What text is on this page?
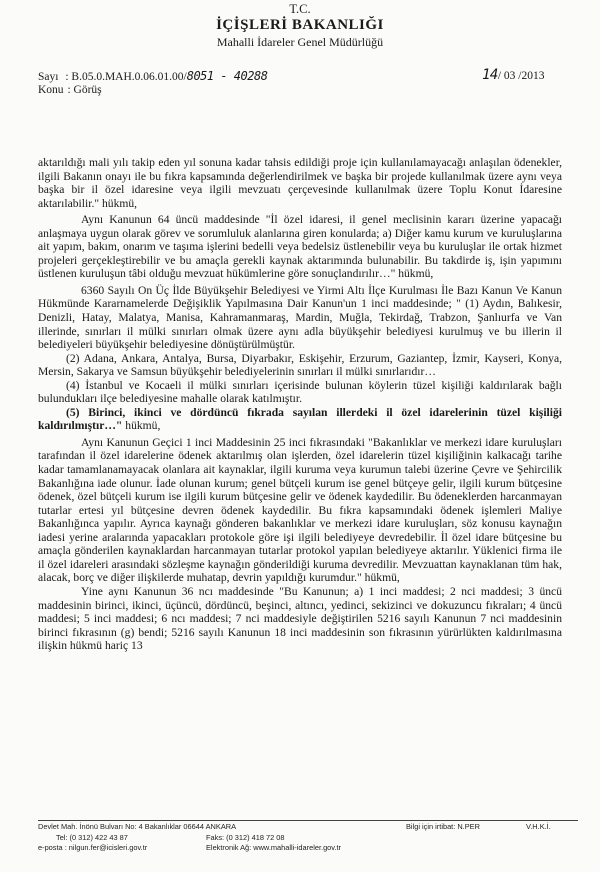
T.C.
İÇİŞLERİ BAKANLIĞI
Mahalli İdareler Genel Müdürlüğü
Sayı : B.05.0.MAH.0.06.01.00/8051 - 40288
Konu : Görüş
14/ 03 /2013

aktarıldığı mali yılı takip eden yıl sonuna kadar tahsis edildiği proje için kullanılamayacağı anlaşılan ödenekler, ilgili Bakanın onayı ile bu fıkra kapsamında değerlendirilmek ve başka bir projede kullanılmak üzere aynı veya başka bir il özel idaresine veya ilgili mevzuatı çerçevesinde kullanılmak üzere Toplu Konut İdaresine aktarılabilir." hükmü,

Aynı Kanunun 64 üncü maddesinde "İl özel idaresi, il genel meclisinin kararı üzerine yapacağı anlaşmaya uygun olarak görev ve sorumluluk alanlarına giren konularda; a) Diğer kamu kurum ve kuruluşlarına ait yapım, bakım, onarım ve taşıma işlerini bedelli veya bedelsiz üstlenebilir veya bu kuruluşlar ile ortak hizmet projeleri gerçekleştirebilir ve bu amaçla gerekli kaynak aktarımında bulunabilir. Bu takdirde iş, işin yapımını üstlenen kuruluşun tâbi olduğu mevzuat hükümlerine göre sonuçlandırılır…" hükmü,

6360 Sayılı On Üç İlde Büyükşehir Belediyesi ve Yirmi Altı İlçe Kurulması İle Bazı Kanun Ve Kanun Hükmünde Kararnamelerde Değişiklik Yapılmasına Dair Kanun'un 1 inci maddesinde; " (1) Aydın, Balıkesir, Denizli, Hatay, Malatya, Manisa, Kahramanmaraş, Mardin, Muğla, Tekirdağ, Trabzon, Şanlıurfa ve Van illerinde, sınırları il mülki sınırları olmak üzere aynı adla büyükşehir belediyesi kurulmuş ve bu illerin il belediyeleri büyükşehir belediyesine dönüştürülmüştür.

(2) Adana, Ankara, Antalya, Bursa, Diyarbakır, Eskişehir, Erzurum, Gaziantep, İzmir, Kayseri, Konya, Mersin, Sakarya ve Samsun büyükşehir belediyelerinin sınırları il mülki sınırlarıdır…

(4) İstanbul ve Kocaeli il mülki sınırları içerisinde bulunan köylerin tüzel kişiliği kaldırılarak bağlı bulundukları ilçe belediyesine mahalle olarak katılmıştır.

(5) Birinci, ikinci ve dördüncü fıkrada sayılan illerdeki il özel idarelerinin tüzel kişiliği kaldırılmıştır…" hükmü,

Aynı Kanunun Geçici 1 inci Maddesinin 25 inci fıkrasındaki "Bakanlıklar ve merkezi idare kuruluşları tarafından il özel idarelerine ödenek aktarılmış olan işlerden, özel idarelerin tüzel kişiliğinin kalkacağı tarihe kadar tamamlanamayacak olanlara ait kaynaklar, ilgili kuruma veya kurumun talebi üzerine Çevre ve Şehircilik Bakanlığına iade olunur. İade olunan kurum; genel bütçeli kurum ise genel bütçeye gelir, ilgili kurum bütçesine ödenek, özel bütçeli kurum ise ilgili kurum bütçesine gelir ve ödenek kaydedilir. Bu ödeneklerden harcanmayan tutarlar ertesi yıl bütçesine devren ödenek kaydedilir. Bu fıkra kapsamındaki ödenek işlemleri Maliye Bakanlığınca yapılır. Ayrıca kaynağı gönderen bakanlıklar ve merkezi idare kuruluşları, söz konusu kaynağın iadesi yerine aralarında yapacakları protokole göre işi ilgili belediyeye devredebilir. İl özel idare bütçesine bu amaçla gönderilen kaynaklardan harcanmayan tutarlar protokol yapılan belediyeye aktarılır. Yüklenici firma ile il özel idareleri arasındaki sözleşme kaynağın gönderildiği kuruma devredilir. Mevzuattan kaynaklanan tüm hak, alacak, borç ve diğer ilişkilerde muhatap, devrin yapıldığı kurumdur." hükmü,

Yine aynı Kanunun 36 ncı maddesinde "Bu Kanunun; a) 1 inci maddesi; 2 nci maddesi; 3 üncü maddesinin birinci, ikinci, üçüncü, dördüncü, beşinci, altıncı, yedinci, sekizinci ve dokuzuncu fıkraları; 4 üncü maddesi; 5 inci maddesi; 6 ncı maddesi; 7 nci maddesiyle değiştirilen 5216 sayılı Kanunun 7 nci maddesinin birinci fıkrasının (g) bendi; 5216 sayılı Kanunun 18 inci maddesinin son fıkrasının yürürlükten kaldırılmasına ilişkin hükmü hariç 13

Devlet Mah. İnönü Bulvarı No: 4 Bakanlıklar 06644 ANKARA	Bilgi için irtibat: N.PER	V.H.K.İ.
Tel: (0 312) 422 43 87	Faks: (0 312) 418 72 08
e-posta : nilgun.fer@icisleri.gov.tr	Elektronik Ağ: www.mahalli-idareler.gov.tr
